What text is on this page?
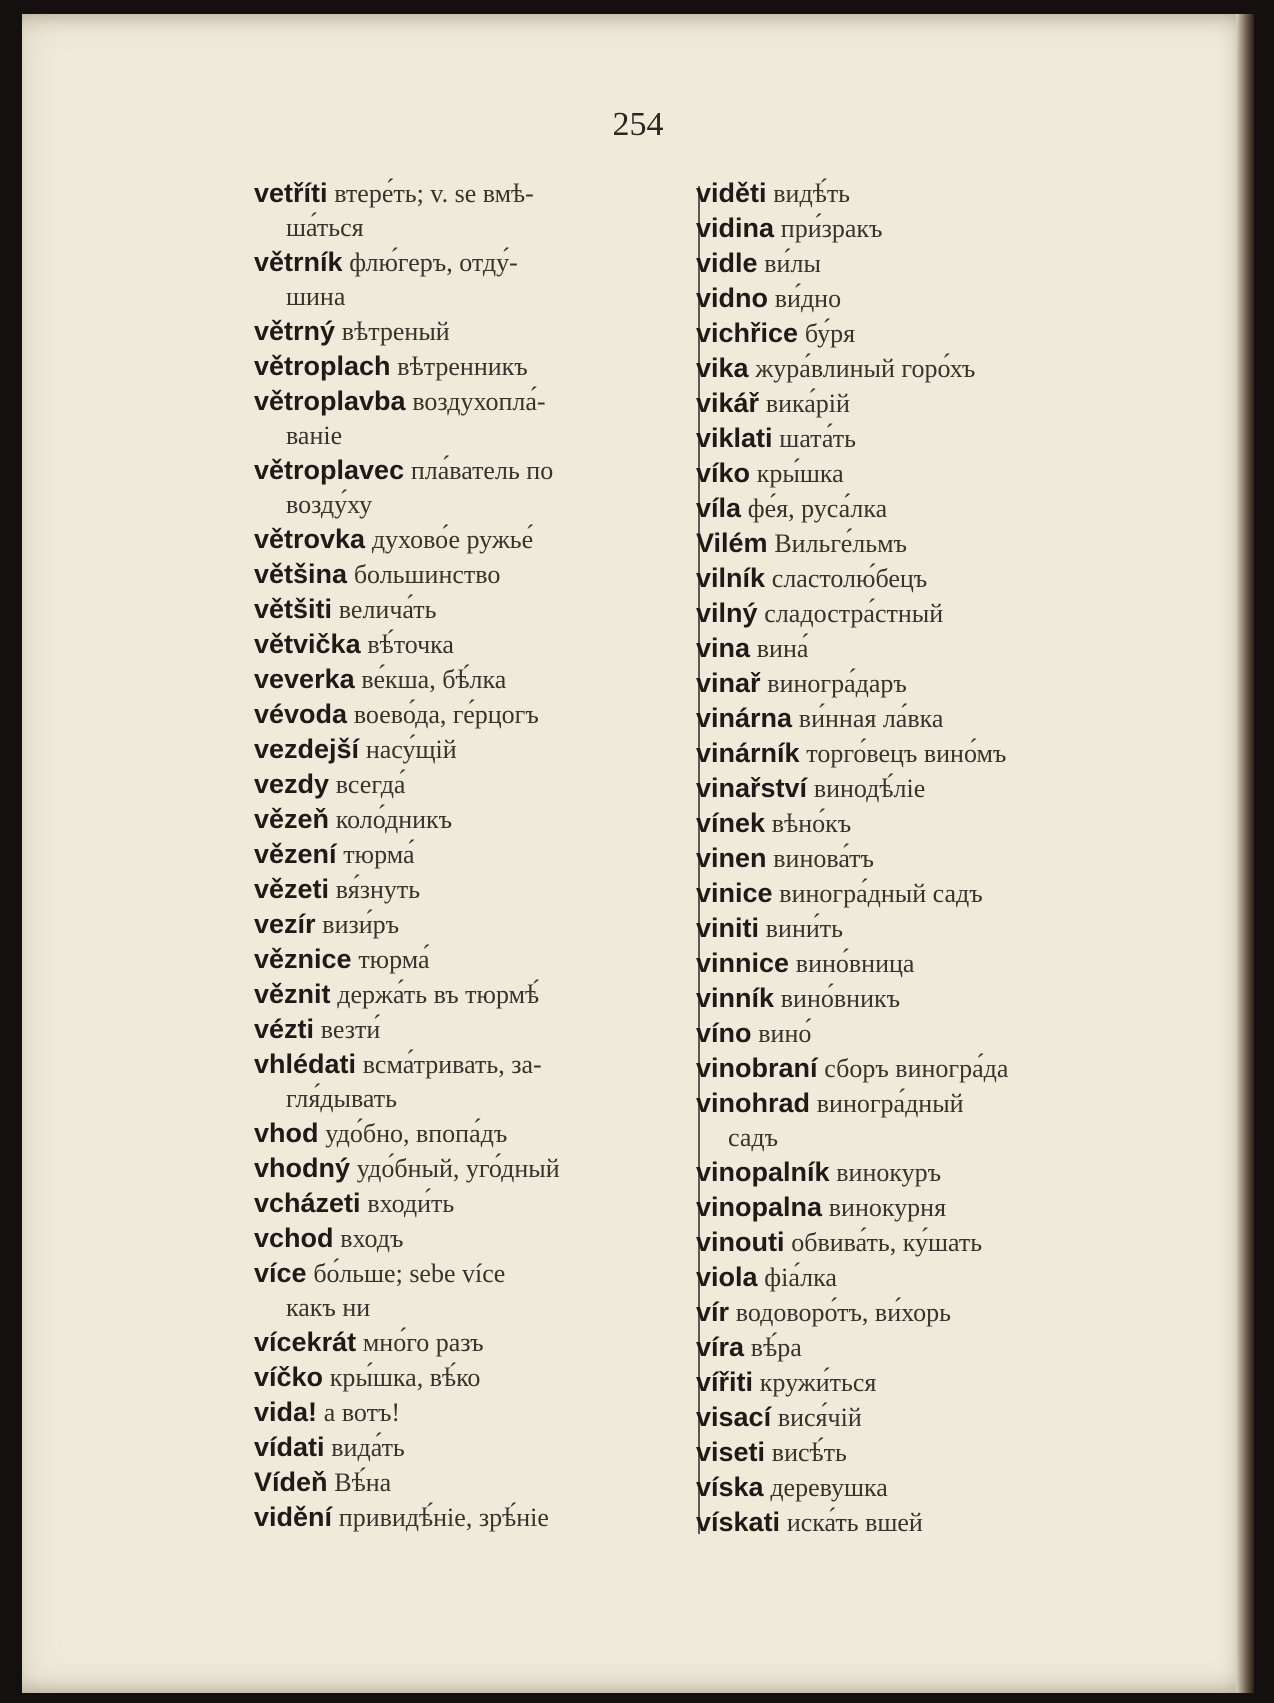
254

vetříti втере́ть; v. se вмѣ-
ша́ться

větrník флю́геръ, отду́-
шина

větrný вѣтреный

větroplach вѣтренникъ

větroplavba воздухопла́-
ванiе

větroplavec пла́ватель по
возду́ху

větrovka духово́е ружье́

většina большинство

většiti велича́ть

větvička вѣ́точка

veverka ве́кша, бѣ́лка

vévoda воево́да, ге́рцогъ

vezdejší насу́щій

vezdy всегда́

vězeň коло́дникъ

vězení тюрма́

vězeti вя́знуть

vezír визи́ръ

věznice тюрма́

věznit держа́ть въ тюрмѣ́

vézti везти́

vhlédati всма́тривать, за-
гля́дывать

vhod удо́бно, впопа́дъ

vhodný удо́бный, уго́дный

vcházeti входи́ть

vchod входъ

více бо́льше; sebe více
какъ ни

vícekrát мно́го разъ

víčko кры́шка, вѣ́ко

vida! а вотъ!

vídati вида́ть

Vídeň Вѣ́на

vidění привидѣ́нiе, зрѣ́нiе

viděti видѣ́ть

vidina при́зракъ

vidle ви́лы

vidno ви́дно

vichřice бу́ря

vika жура́влиный горо́хъ

vikář вика́рiй

viklati шата́ть

víko кры́шка

víla фе́я, руса́лка

Vilém Вильге́льмъ

vilník сластолю́бецъ

vilný сладостра́стный

vina вина́

vinař виногра́даръ

vinárna ви́нная ла́вка

vinárník торго́вецъ вино́мъ

vinařství винодѣ́лiе

vínek вѣно́къ

vinen винова́тъ

vinice виногра́дный садъ

viniti вини́ть

vinnice вино́вница

vinník вино́вникъ

víno вино́

vinobraní сборъ виногра́да

vinohrad виногра́дный
садъ

vinopalník винокуръ

vinopalna винокурня

vinouti обвива́ть, ку́шать

viola фiа́лка

vír водоворо́тъ, ви́хорь

víra вѣ́ра

vířiti кружи́ться

visací вися́чiй

viseti висѣ́ть

víska деревушка

vískati иска́ть вшей
